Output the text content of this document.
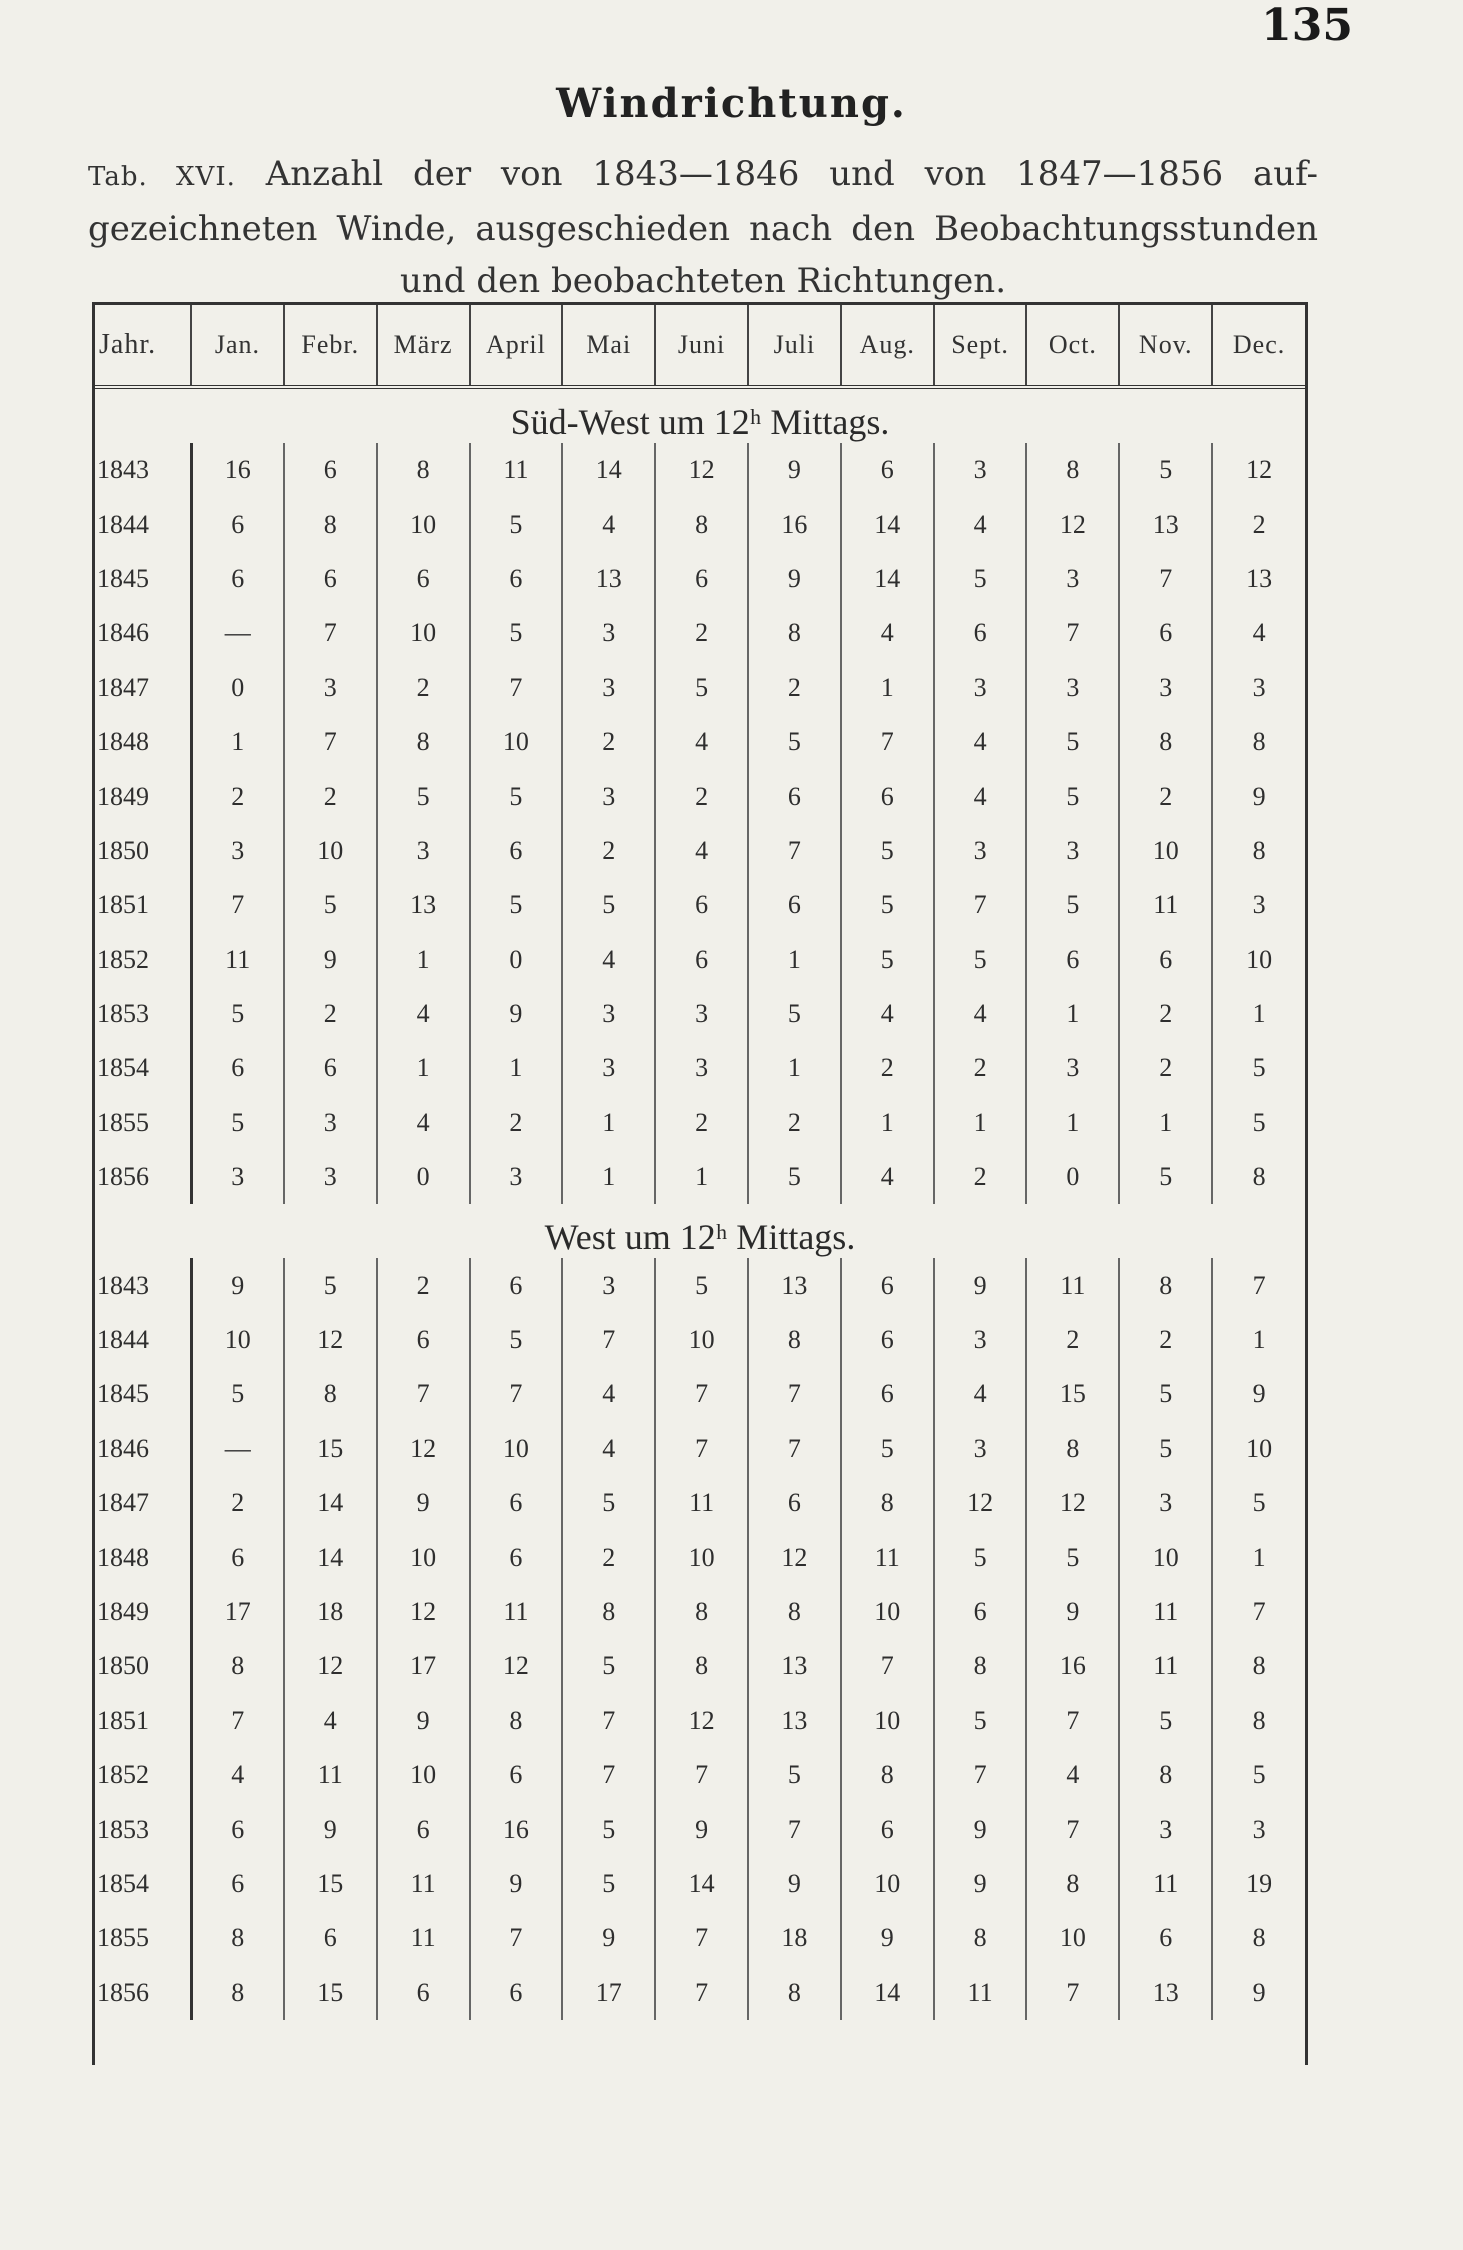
135
Windrichtung.
Tab. XVI. Anzahl der von 1843—1846 und von 1847—1856 auf-
gezeichneten Winde, ausgeschieden nach den Beobachtungsstunden
und den beobachteten Richtungen.
Jahr.	Jan.	Febr.	März	April	Mai	Juni	Juli	Aug.	Sept.	Oct.	Nov.	Dec.
Süd-West um 12ʰ Mittags.												
1843	16	6	8	11	14	12	9	6	3	8	5	12
1844	6	8	10	5	4	8	16	14	4	12	13	2
1845	6	6	6	6	13	6	9	14	5	3	7	13
1846	—	7	10	5	3	2	8	4	6	7	6	4
1847	0	3	2	7	3	5	2	1	3	3	3	3
1848	1	7	8	10	2	4	5	7	4	5	8	8
1849	2	2	5	5	3	2	6	6	4	5	2	9
1850	3	10	3	6	2	4	7	5	3	3	10	8
1851	7	5	13	5	5	6	6	5	7	5	11	3
1852	11	9	1	0	4	6	1	5	5	6	6	10
1853	5	2	4	9	3	3	5	4	4	1	2	1
1854	6	6	1	1	3	3	1	2	2	3	2	5
1855	5	3	4	2	1	2	2	1	1	1	1	5
1856	3	3	0	3	1	1	5	4	2	0	5	8
West um 12ʰ Mittags.												
1843	9	5	2	6	3	5	13	6	9	11	8	7
1844	10	12	6	5	7	10	8	6	3	2	2	1
1845	5	8	7	7	4	7	7	6	4	15	5	9
1846	—	15	12	10	4	7	7	5	3	8	5	10
1847	2	14	9	6	5	11	6	8	12	12	3	5
1848	6	14	10	6	2	10	12	11	5	5	10	1
1849	17	18	12	11	8	8	8	10	6	9	11	7
1850	8	12	17	12	5	8	13	7	8	16	11	8
1851	7	4	9	8	7	12	13	10	5	7	5	8
1852	4	11	10	6	7	7	5	8	7	4	8	5
1853	6	9	6	16	5	9	7	6	9	7	3	3
1854	6	15	11	9	5	14	9	10	9	8	11	19
1855	8	6	11	7	9	7	18	9	8	10	6	8
1856	8	15	6	6	17	7	8	14	11	7	13	9
